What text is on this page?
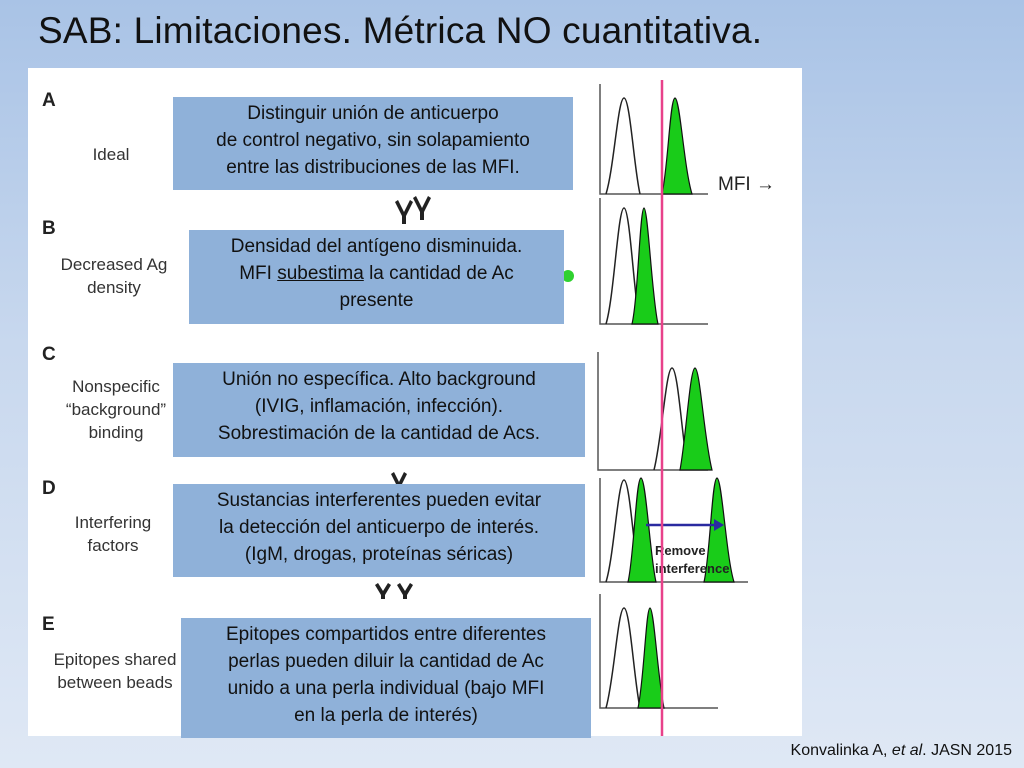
SAB: Limitaciones. Métrica NO cuantitativa.
A
Ideal
B
Decreased Ag
density
C
Nonspecific
“background”
binding
D
Interfering
factors
E
Epitopes shared
between beads
Remove
interference
MFI →
Distinguir unión de anticuerpo
de control negativo, sin solapamiento
entre las distribuciones de las MFI.
Densidad del antígeno disminuida.
MFI subestima la cantidad de Ac
presente
Unión no específica. Alto background
(IVIG, inflamación, infección).
Sobrestimación de la cantidad de Acs.
Sustancias interferentes pueden evitar
la detección del anticuerpo de interés.
(IgM, drogas, proteínas séricas)
Epitopes compartidos entre diferentes
perlas pueden diluir la cantidad de Ac
unido a una perla individual (bajo MFI
en la perla de interés)
Konvalinka A, et al. JASN 2015
